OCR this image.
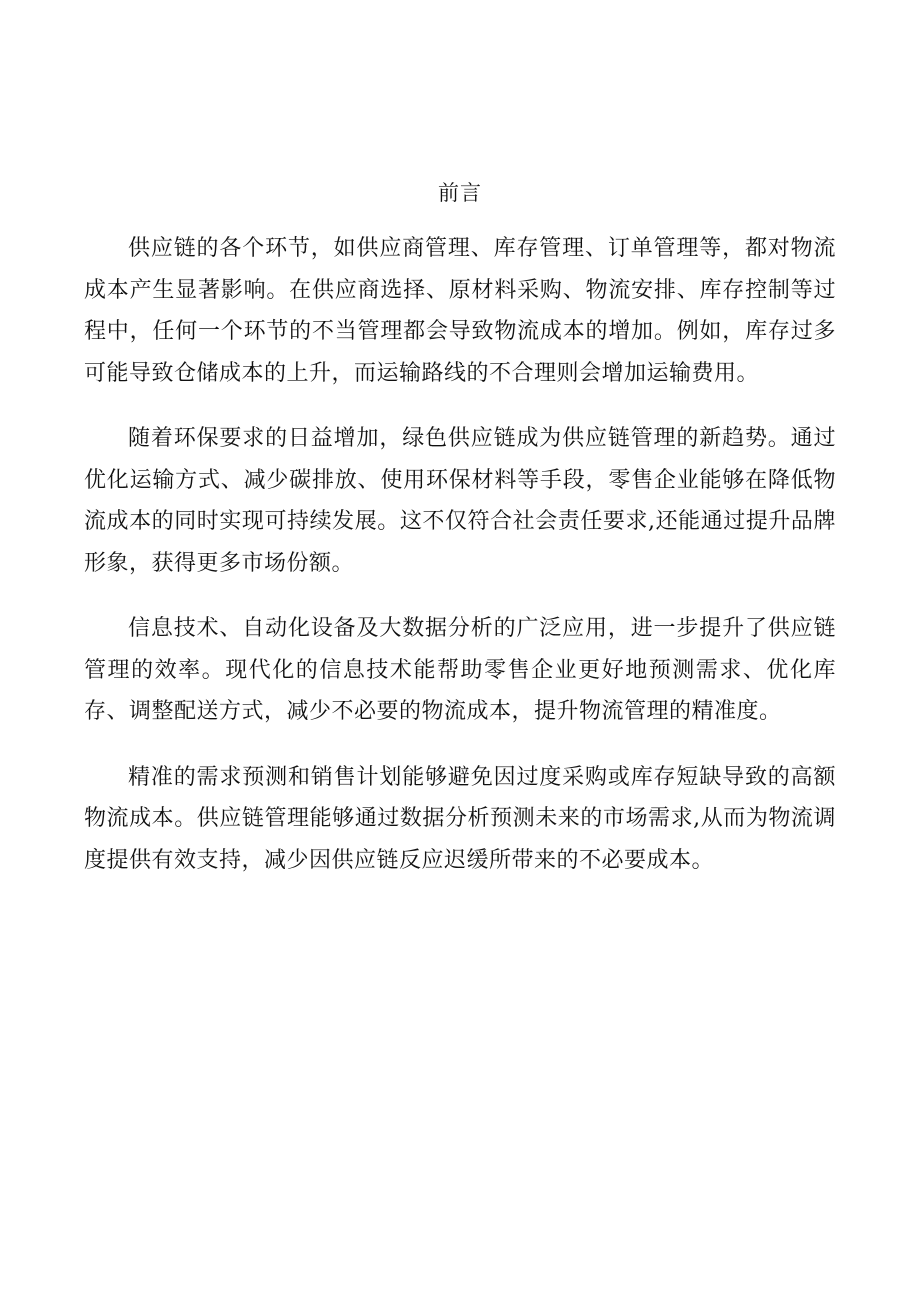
前言

供应链的各个环节，如供应商管理、库存管理、订单管理等，都对物流成本产生显著影响。在供应商选择、原材料采购、物流安排、库存控制等过程中，任何一个环节的不当管理都会导致物流成本的增加。例如，库存过多可能导致仓储成本的上升，而运输路线的不合理则会增加运输费用。

随着环保要求的日益增加，绿色供应链成为供应链管理的新趋势。通过优化运输方式、减少碳排放、使用环保材料等手段，零售企业能够在降低物流成本的同时实现可持续发展。这不仅符合社会责任要求,还能通过提升品牌形象，获得更多市场份额。

信息技术、自动化设备及大数据分析的广泛应用，进一步提升了供应链管理的效率。现代化的信息技术能帮助零售企业更好地预测需求、优化库存、调整配送方式，减少不必要的物流成本，提升物流管理的精准度。

精准的需求预测和销售计划能够避免因过度采购或库存短缺导致的高额物流成本。供应链管理能够通过数据分析预测未来的市场需求,从而为物流调度提供有效支持，减少因供应链反应迟缓所带来的不必要成本。
